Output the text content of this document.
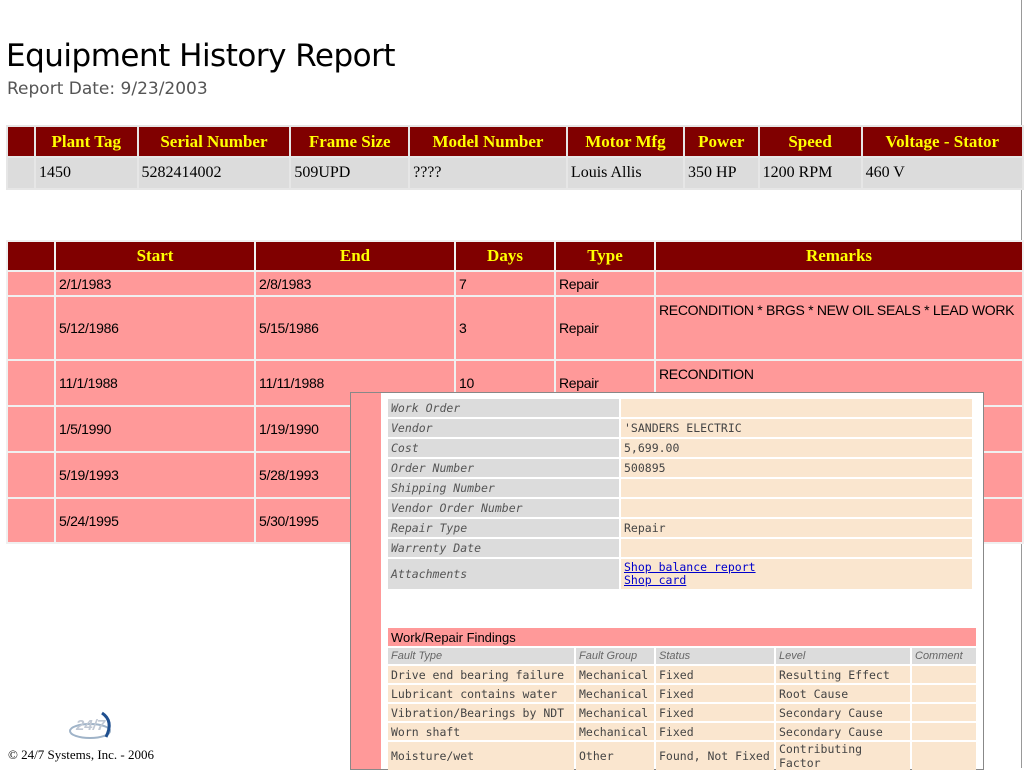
Equipment History Report
Report Date: 9/23/2003
	Plant Tag	Serial Number	Frame Size	Model Number	Motor Mfg	Power	Speed	Voltage - Stator
	1450	5282414002	509UPD	????	Louis Allis	350 HP	1200 RPM	460 V
	Start	End	Days	Type	Remarks
	2/1/1983	2/8/1983	7	Repair	
	5/12/1986	5/15/1986	3	Repair	RECONDITION * BRGS * NEW OIL SEALS * LEAD WORK
	11/1/1988	11/11/1988	10	Repair	RECONDITION
	1/5/1990	1/19/1990			
	5/19/1993	5/28/1993			
	5/24/1995	5/30/1995			
Work Order	
Vendor	'SANDERS ELECTRIC
Cost	5,699.00
Order Number	500895
Shipping Number	
Vendor Order Number	
Repair Type	Repair
Warrenty Date	
Attachments	Shop balance report
Shop card
Work/Repair Findings				
Fault Type	Fault Group	Status	Level	Comment
Drive end bearing failure	Mechanical	Fixed	Resulting Effect	
Lubricant contains water	Mechanical	Fixed	Root Cause	
Vibration/Bearings by NDT	Mechanical	Fixed	Secondary Cause	
Worn shaft	Mechanical	Fixed	Secondary Cause	
Moisture/wet	Other	Found, Not Fixed	Contributing Factor	
24/7
© 24/7 Systems, Inc. - 2006
